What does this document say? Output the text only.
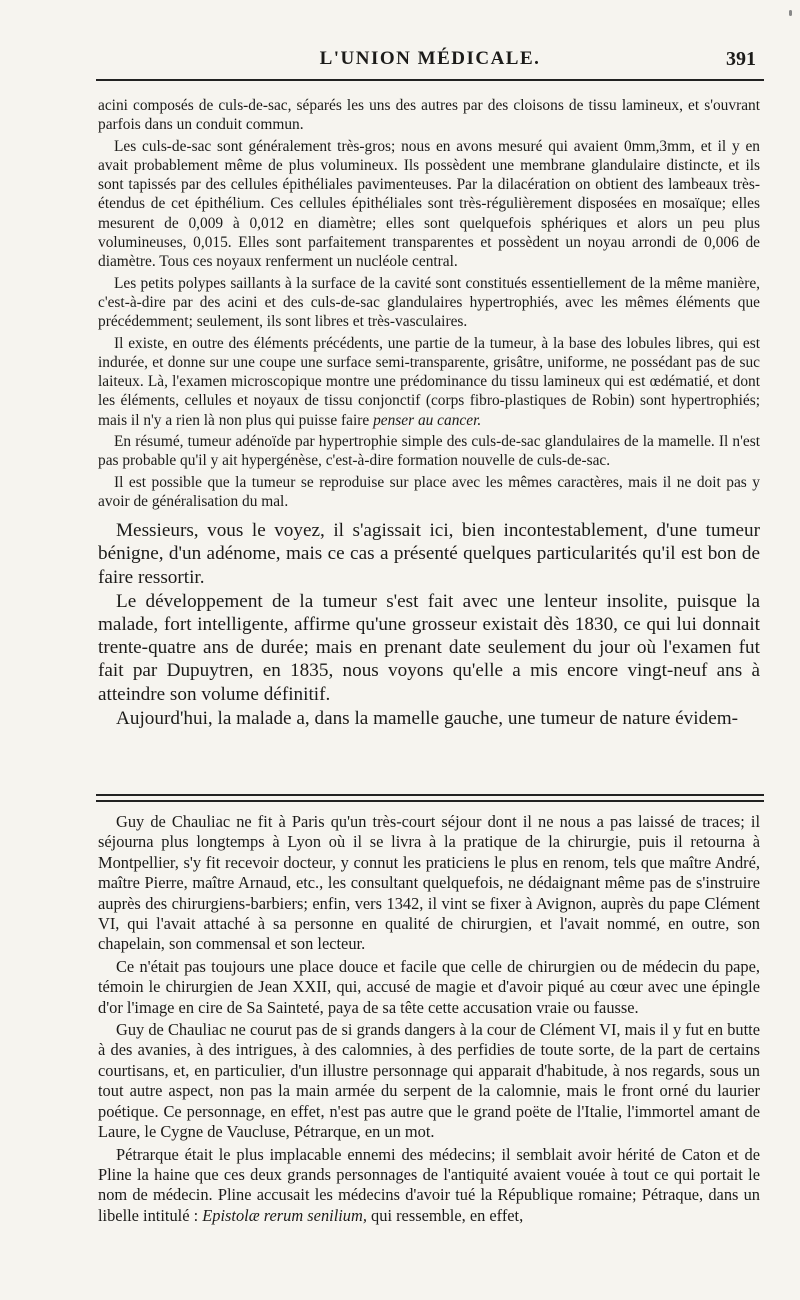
L'UNION MÉDICALE.	391

acini composés de culs-de-sac, séparés les uns des autres par des cloisons de tissu lamineux, et s'ouvrant parfois dans un conduit commun.

Les culs-de-sac sont généralement très-gros; nous en avons mesuré qui avaient 0mm,3mm, et il y en avait probablement même de plus volumineux. Ils possèdent une membrane glandulaire distincte, et ils sont tapissés par des cellules épithéliales pavimenteuses. Par la dilacération on obtient des lambeaux très-étendus de cet épithélium. Ces cellules épithéliales sont très-régulièrement disposées en mosaïque; elles mesurent de 0,009 à 0,012 en diamètre; elles sont quelquefois sphériques et alors un peu plus volumineuses, 0,015. Elles sont parfaitement transparentes et possèdent un noyau arrondi de 0,006 de diamètre. Tous ces noyaux renferment un nucléole central.

Les petits polypes saillants à la surface de la cavité sont constitués essentiellement de la même manière, c'est-à-dire par des acini et des culs-de-sac glandulaires hypertrophiés, avec les mêmes éléments que précédemment; seulement, ils sont libres et très-vasculaires.

Il existe, en outre des éléments précédents, une partie de la tumeur, à la base des lobules libres, qui est indurée, et donne sur une coupe une surface semi-transparente, grisâtre, uniforme, ne possédant pas de suc laiteux. Là, l'examen microscopique montre une prédominance du tissu lamineux qui est œdématié, et dont les éléments, cellules et noyaux de tissu conjonctif (corps fibro-plastiques de Robin) sont hypertrophiés; mais il n'y a rien là non plus qui puisse faire penser au cancer.

En résumé, tumeur adénoïde par hypertrophie simple des culs-de-sac glandulaires de la mamelle. Il n'est pas probable qu'il y ait hypergénèse, c'est-à-dire formation nouvelle de culs-de-sac.

Il est possible que la tumeur se reproduise sur place avec les mêmes caractères, mais il ne doit pas y avoir de généralisation du mal.

Messieurs, vous le voyez, il s'agissait ici, bien incontestablement, d'une tumeur bénigne, d'un adénome, mais ce cas a présenté quelques particularités qu'il est bon de faire ressortir.

Le développement de la tumeur s'est fait avec une lenteur insolite, puisque la malade, fort intelligente, affirme qu'une grosseur existait dès 1830, ce qui lui donnait trente-quatre ans de durée; mais en prenant date seulement du jour où l'examen fut fait par Dupuytren, en 1835, nous voyons qu'elle a mis encore vingt-neuf ans à atteindre son volume définitif.

Aujourd'hui, la malade a, dans la mamelle gauche, une tumeur de nature évidem-

Guy de Chauliac ne fit à Paris qu'un très-court séjour dont il ne nous a pas laissé de traces; il séjourna plus longtemps à Lyon où il se livra à la pratique de la chirurgie, puis il retourna à Montpellier, s'y fit recevoir docteur, y connut les praticiens le plus en renom, tels que maître André, maître Pierre, maître Arnaud, etc., les consultant quelquefois, ne dédaignant même pas de s'instruire auprès des chirurgiens-barbiers; enfin, vers 1342, il vint se fixer à Avignon, auprès du pape Clément VI, qui l'avait attaché à sa personne en qualité de chirurgien, et l'avait nommé, en outre, son chapelain, son commensal et son lecteur.

Ce n'était pas toujours une place douce et facile que celle de chirurgien ou de médecin du pape, témoin le chirurgien de Jean XXII, qui, accusé de magie et d'avoir piqué au cœur avec une épingle d'or l'image en cire de Sa Sainteté, paya de sa tête cette accusation vraie ou fausse.

Guy de Chauliac ne courut pas de si grands dangers à la cour de Clément VI, mais il y fut en butte à des avanies, à des intrigues, à des calomnies, à des perfidies de toute sorte, de la part de certains courtisans, et, en particulier, d'un illustre personnage qui apparait d'habitude, à nos regards, sous un tout autre aspect, non pas la main armée du serpent de la calomnie, mais le front orné du laurier poétique. Ce personnage, en effet, n'est pas autre que le grand poëte de l'Italie, l'immortel amant de Laure, le Cygne de Vaucluse, Pétrarque, en un mot.

Pétrarque était le plus implacable ennemi des médecins; il semblait avoir hérité de Caton et de Pline la haine que ces deux grands personnages de l'antiquité avaient vouée à tout ce qui portait le nom de médecin. Pline accusait les médecins d'avoir tué la République romaine; Pétraque, dans un libelle intitulé : Epistolæ rerum senilium, qui ressemble, en effet,
